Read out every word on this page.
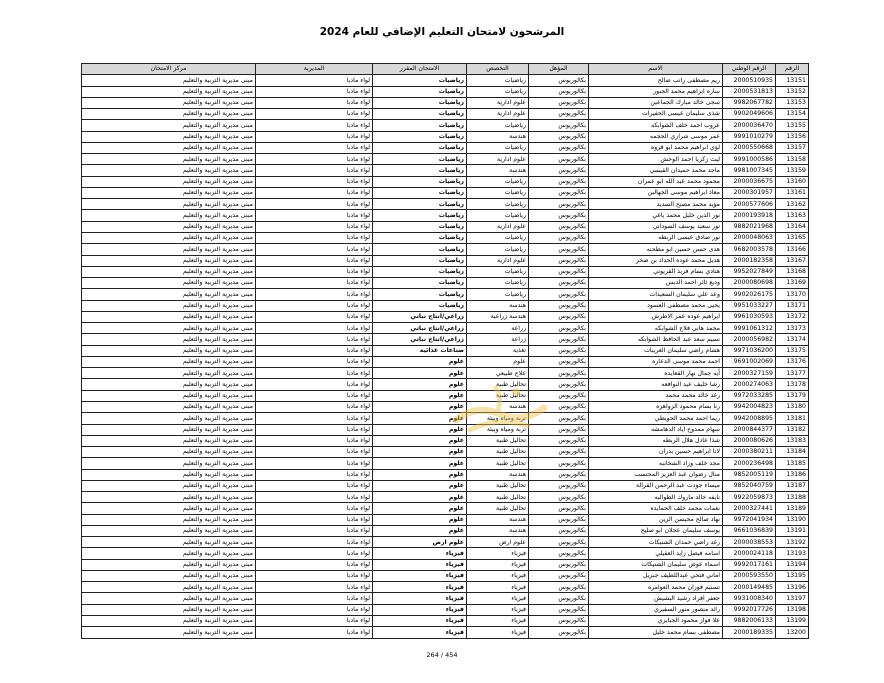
المرشحون لامتحان التعليم الإضافي للعام 2024
الرقم	الرقم الوطني	الاسم	المؤهل	التخصص	الامتحان المقرر	المديرية	مركز الامتحان
13151	2000510935	ريم مصطفى راتب صالح	بكالوريوس	رياضيات	رياضيات	لواء مادبا	مبنى مديرية التربية والتعليم
13152	2000531813	ساره ابراهيم محمد الجبور	بكالوريوس	رياضيات	رياضيات	لواء مادبا	مبنى مديرية التربية والتعليم
13153	9982067782	سجى خالد مبارك الجماعين	بكالوريوس	علوم ادارية	رياضيات	لواء مادبا	مبنى مديرية التربية والتعليم
13154	9902049606	شذى سليمان عيسى الحفيرات	بكالوريوس	علوم ادارية	رياضيات	لواء مادبا	مبنى مديرية التربية والتعليم
13155	2000036470	عروب احمد خلف الشوابكه	بكالوريوس	رياضيات	رياضيات	لواء مادبا	مبنى مديرية التربية والتعليم
13156	9991010279	عمر موسى شراري الحجمه	بكالوريوس	هندسة	رياضيات	لواء مادبا	مبنى مديرية التربية والتعليم
13157	2000550668	لؤي ابراهيم محمد ابو قروه	بكالوريوس	رياضيات	رياضيات	لواء مادبا	مبنى مديرية التربية والتعليم
13158	9991000586	ليث زكريا احمد الوحش	بكالوريوس	علوم ادارية	رياضيات	لواء مادبا	مبنى مديرية التربية والتعليم
13159	9981007345	ماجد محمد حميدان القيسي	بكالوريوس	هندسة	رياضيات	لواء مادبا	مبنى مديرية التربية والتعليم
13160	2000036675	محمود محمد عبد الله ابو عمران	بكالوريوس	رياضيات	رياضيات	لواء مادبا	مبنى مديرية التربية والتعليم
13161	2000301957	معاذ ابراهيم موسى الجهالين	بكالوريوس	رياضيات	رياضيات	لواء مادبا	مبنى مديرية التربية والتعليم
13162	2000577606	مؤيد محمد مصبح السديد	بكالوريوس	رياضيات	رياضيات	لواء مادبا	مبنى مديرية التربية والتعليم
13163	2000193918	نور الدين خليل محمد ياغي	بكالوريوس	رياضيات	رياضيات	لواء مادبا	مبنى مديرية التربية والتعليم
13164	9882021968	نور سعيد يوسف السوداني	بكالوريوس	علوم ادارية	رياضيات	لواء مادبا	مبنى مديرية التربية والتعليم
13165	2000048063	نور صادق عيسى الربطه	بكالوريوس	رياضيات	رياضيات	لواء مادبا	مبنى مديرية التربية والتعليم
13166	9682003578	هدى حسن حسين ابو مطحنه	بكالوريوس	رياضيات	رياضيات	لواء مادبا	مبنى مديرية التربية والتعليم
13167	2000182358	هديل محمد عوده الحداد بن صخر	بكالوريوس	علوم ادارية	رياضيات	لواء مادبا	مبنى مديرية التربية والتعليم
13168	9952027849	هنادي بسام فريد القريوتي	بكالوريوس	رياضيات	رياضيات	لواء مادبا	مبنى مديرية التربية والتعليم
13169	2000080698	وديع ثائر احمد الدبس	بكالوريوس	رياضيات	رياضيات	لواء مادبا	مبنى مديرية التربية والتعليم
13170	9902026175	وعد علي سليمان السعيدات	بكالوريوس	رياضيات	رياضيات	لواء مادبا	مبنى مديرية التربية والتعليم
13171	9951033227	يحيى محمد مصطفى العسود	بكالوريوس	هندسة	رياضيات	لواء مادبا	مبنى مديرية التربية والتعليم
13172	9961030593	ابراهيم عوده عمر الاطرش	بكالوريوس	هندسة زراعية	زراعي/انتاج نباتي	لواء مادبا	مبنى مديرية التربية والتعليم
13173	9991061312	محمد هاني فلاح الشوابكه	بكالوريوس	زراعة	زراعي/انتاج نباتي	لواء مادبا	مبنى مديرية التربية والتعليم
13174	2000056982	نسيم سعد عبد الحافظ الشوابكه	بكالوريوس	زراعة	زراعي/انتاج نباتي	لواء مادبا	مبنى مديرية التربية والتعليم
13175	9971036200	هشام راضي سليمان الغريبات	بكالوريوس	تغذية	صناعات غذائية	لواء مادبا	مبنى مديرية التربية والتعليم
13176	9691002069	احمد محمد موسى الدعاره	بكالوريوس	علوم	علوم	لواء مادبا	مبنى مديرية التربية والتعليم
13177	2000327159	أيه جمال نهار القعايده	بكالوريوس	علاج طبيعي	علوم	لواء مادبا	مبنى مديرية التربية والتعليم
13178	2000274063	رشا خليف عيد النوافعه	بكالوريوس	تحاليل طبية	علوم	لواء مادبا	مبنى مديرية التربية والتعليم
13179	9972033285	رغد خالد محمد محمد	بكالوريوس	تحاليل طبية	علوم	لواء مادبا	مبنى مديرية التربية والتعليم
13180	9942004823	رنا بسام محمود الزواهره	بكالوريوس	هندسة	علوم	لواء مادبا	مبنى مديرية التربية والتعليم
13181	9942008895	ريما احمد محمد الحويطي	بكالوريوس	تربة ومياه وبيئة	علوم	لواء مادبا	مبنى مديرية التربية والتعليم
13182	2000844377	سهام ممدوح اياد الدهامشه	بكالوريوس	تربة ومياه وبيئة	علوم	لواء مادبا	مبنى مديرية التربية والتعليم
13183	2000080626	شذا عادل هلال الربطه	بكالوريوس	تحاليل طبية	علوم	لواء مادبا	مبنى مديرية التربية والتعليم
13184	2000380211	لانا ابراهيم حسين بدران	بكالوريوس	تحاليل طبية	علوم	لواء مادبا	مبنى مديرية التربية والتعليم
13185	2000236498	مجد خلف وراد الشخانبه	بكالوريوس	تحاليل طبية	علوم	لواء مادبا	مبنى مديرية التربية والتعليم
13186	9852005119	منال رضوان عبد العزيز المحتسب	بكالوريوس	هندسة	علوم	لواء مادبا	مبنى مديرية التربية والتعليم
13187	9852040759	ميساء جودت عبد الرحمن القرالة	بكالوريوس	تحاليل طبية	علوم	لواء مادبا	مبنى مديرية التربية والتعليم
13188	9922059873	نايفه خالد ماروك الطوالبه	بكالوريوس	تحاليل طبية	علوم	لواء مادبا	مبنى مديرية التربية والتعليم
13189	2000327441	نعمات محمد خلف الحمايده	بكالوريوس	تحاليل طبية	علوم	لواء مادبا	مبنى مديرية التربية والتعليم
13190	9972041934	نهاد صالح محيسن الزين	بكالوريوس	هندسة	علوم	لواء مادبا	مبنى مديرية التربية والتعليم
13191	9661036839	يوسف سليمان عجلان ابو صليح	بكالوريوس	هندسة	علوم	لواء مادبا	مبنى مديرية التربية والتعليم
13192	2000038553	رغد راضي حمدان الشنيكات	بكالوريوس	علوم ارض	علوم ارض	لواء مادبا	مبنى مديرية التربية والتعليم
13193	2000024118	اسامه فيصل زايد العقيلي	بكالوريوس	فيزياء	فيزياء	لواء مادبا	مبنى مديرية التربية والتعليم
13194	9992017161	اسماء عوض سليمان الشنيكات	بكالوريوس	فيزياء	فيزياء	لواء مادبا	مبنى مديرية التربية والتعليم
13195	2000593550	اماني فتحي عبداللطيف جبريل	بكالوريوس	فيزياء	فيزياء	لواء مادبا	مبنى مديرية التربية والتعليم
13196	2000149485	تسنيم فوزان محمد العوامره	بكالوريوس	فيزياء	فيزياء	لواء مادبا	مبنى مديرية التربية والتعليم
13197	9931008340	جعفر افراد رشيد البشيش	بكالوريوس	فيزياء	فيزياء	لواء مادبا	مبنى مديرية التربية والتعليم
13198	9992017726	رائد منصور منور السفيري	بكالوريوس	فيزياء	فيزياء	لواء مادبا	مبنى مديرية التربية والتعليم
13199	9882006133	علا فواز محمود الجبايري	بكالوريوس	فيزياء	فيزياء	لواء مادبا	مبنى مديرية التربية والتعليم
13200	2000189335	مصطفى بسام محمد خليل	بكالوريوس	فيزياء	فيزياء	لواء مادبا	مبنى مديرية التربية والتعليم
264 / 454
